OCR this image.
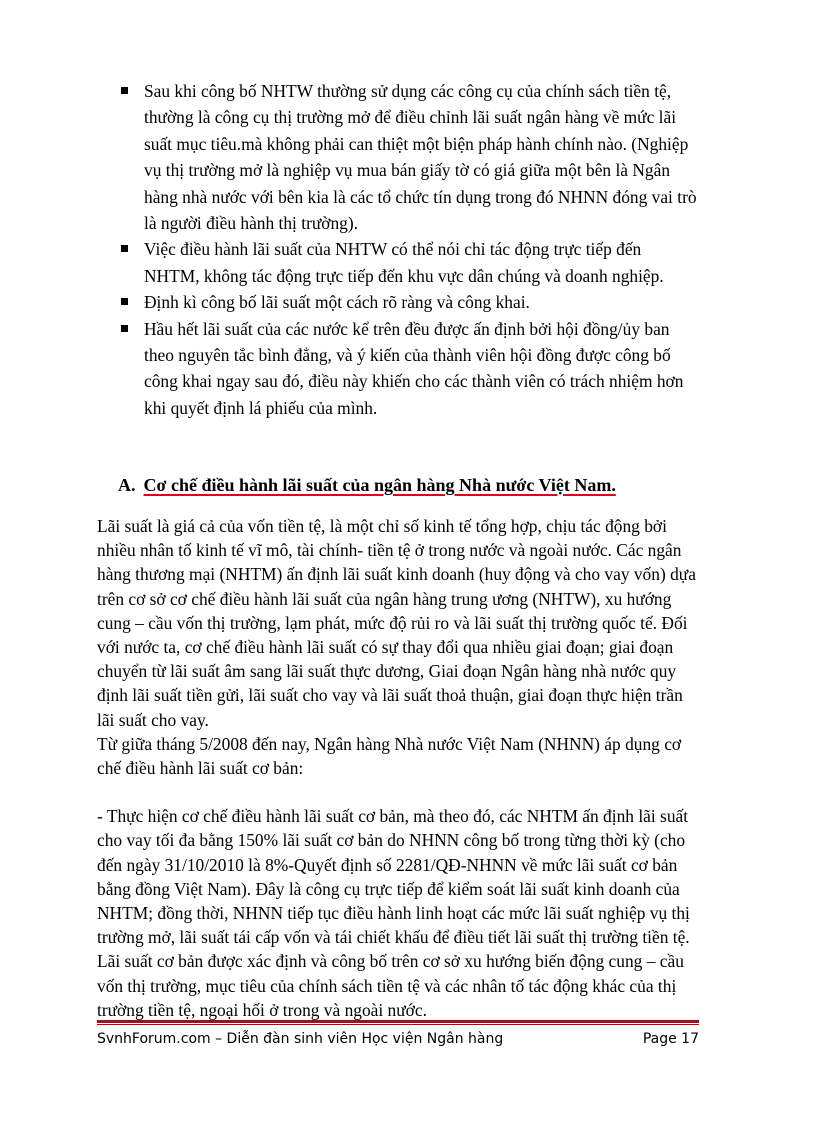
Sau khi công bố NHTW thường sử dụng các công cụ của chính sách tiền tệ, thường là công cụ thị trường mở để điều chỉnh lãi suất ngân hàng về mức lãi suất mục tiêu.mà không phải can thiệt một biện pháp hành chính nào. (Nghiệp vụ thị trường mở là nghiệp vụ mua bán giấy tờ có giá giữa một bên là Ngân hàng nhà nước với bên kia là các tổ chức tín dụng trong đó NHNN đóng vai trò là người điều hành thị trường).
Việc điều hành lãi suất của NHTW có thể nói chỉ tác động trực tiếp đến NHTM, không tác động trực tiếp đến khu vực dân chúng và doanh nghiệp.
Định kì công bố lãi suất một cách rõ ràng và công khai.
Hầu hết lãi suất của các nước kể trên đều được ấn định bởi hội đồng/ủy ban theo nguyên tắc bình đẳng, và ý kiến của thành viên hội đồng được công bố công khai ngay sau đó, điều này khiến cho các thành viên có trách nhiệm hơn khi quyết định lá phiếu của mình.
A. Cơ chế điều hành lãi suất của ngân hàng Nhà nước Việt Nam.

Lãi suất là giá cả của vốn tiền tệ, là một chỉ số kinh tế tổng hợp, chịu tác động bởi nhiều nhân tố kinh tế vĩ mô, tài chính- tiền tệ ở trong nước và ngoài nước. Các ngân hàng thương mại (NHTM) ấn định lãi suất kinh doanh (huy động và cho vay vốn) dựa trên cơ sở cơ chế điều hành lãi suất của ngân hàng trung ương (NHTW), xu hướng cung – cầu vốn thị trường, lạm phát, mức độ rủi ro và lãi suất thị trường quốc tế. Đối với nước ta, cơ chế điều hành lãi suất có sự thay đổi qua nhiều giai đoạn; giai đoạn chuyển từ lãi suất âm sang lãi suất thực dương, Giai đoạn Ngân hàng nhà nước quy định lãi suất tiền gửi, lãi suất cho vay và lãi suất thoả thuận, giai đoạn thực hiện trần lãi suất cho vay.

Từ giữa tháng 5/2008 đến nay, Ngân hàng Nhà nước Việt Nam (NHNN) áp dụng cơ chế điều hành lãi suất cơ bản:

- Thực hiện cơ chế điều hành lãi suất cơ bản, mà theo đó, các NHTM ấn định lãi suất cho vay tối đa bằng 150% lãi suất cơ bản do NHNN công bố trong từng thời kỳ (cho đến ngày 31/10/2010 là 8%-Quyết định số 2281/QĐ-NHNN về mức lãi suất cơ bản bằng đồng Việt Nam). Đây là công cụ trực tiếp để kiểm soát lãi suất kinh doanh của NHTM; đồng thời, NHNN tiếp tục điều hành linh hoạt các mức lãi suất nghiệp vụ thị trường mở, lãi suất tái cấp vốn và tái chiết khấu để điều tiết lãi suất thị trường tiền tệ. Lãi suất cơ bản được xác định và công bố trên cơ sở xu hướng biến động cung – cầu vốn thị trường, mục tiêu của chính sách tiền tệ và các nhân tố tác động khác của thị trường tiền tệ, ngoại hối ở trong và ngoài nước.

SvnhForum.com – Diễn đàn sinh viên Học viện Ngân hàng	Page 17
